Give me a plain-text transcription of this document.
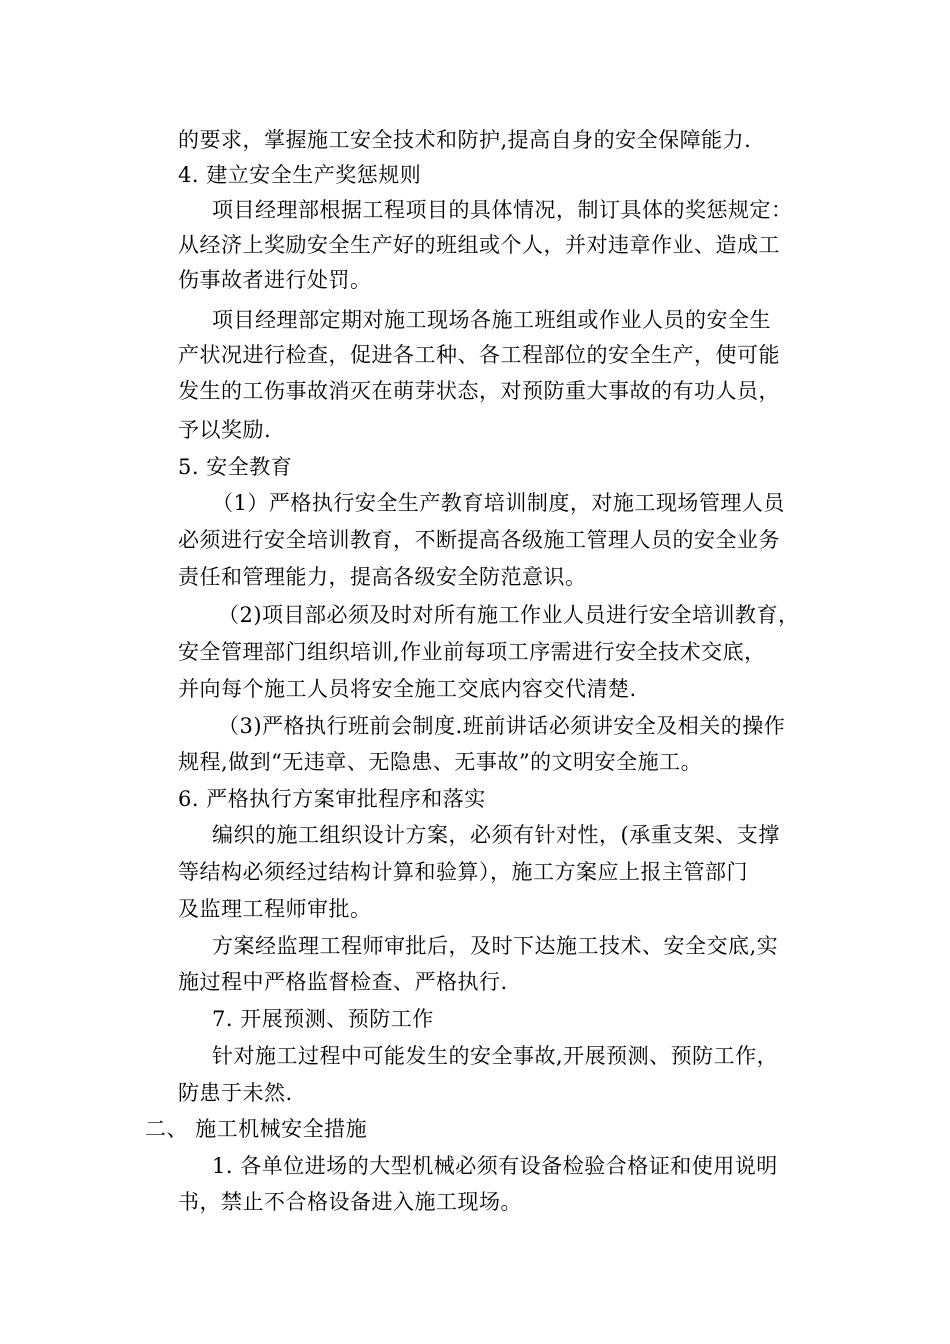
的要求，掌握施工安全技术和防护,提高自身的安全保障能力.
4. 建立安全生产奖惩规则
项目经理部根据工程项目的具体情况，制订具体的奖惩规定：
从经济上奖励安全生产好的班组或个人，并对违章作业、造成工
伤事故者进行处罚。
项目经理部定期对施工现场各施工班组或作业人员的安全生
产状况进行检查，促进各工种、各工程部位的安全生产，使可能
发生的工伤事故消灭在萌芽状态，对预防重大事故的有功人员，
予以奖励.
5. 安全教育
（1）严格执行安全生产教育培训制度，对施工现场管理人员
必须进行安全培训教育，不断提高各级施工管理人员的安全业务
责任和管理能力，提高各级安全防范意识。
（2)项目部必须及时对所有施工作业人员进行安全培训教育，
安全管理部门组织培训,作业前每项工序需进行安全技术交底，
并向每个施工人员将安全施工交底内容交代清楚.
（3)严格执行班前会制度.班前讲话必须讲安全及相关的操作
规程,做到“无违章、无隐患、无事故”的文明安全施工。
6. 严格执行方案审批程序和落实
编织的施工组织设计方案，必须有针对性，(承重支架、支撑
等结构必须经过结构计算和验算），施工方案应上报主管部门
及监理工程师审批。
方案经监理工程师审批后，及时下达施工技术、安全交底,实
施过程中严格监督检查、严格执行.
7. 开展预测、预防工作
针对施工过程中可能发生的安全事故,开展预测、预防工作，
防患于未然.
二、 施工机械安全措施
1. 各单位进场的大型机械必须有设备检验合格证和使用说明
书，禁止不合格设备进入施工现场。
